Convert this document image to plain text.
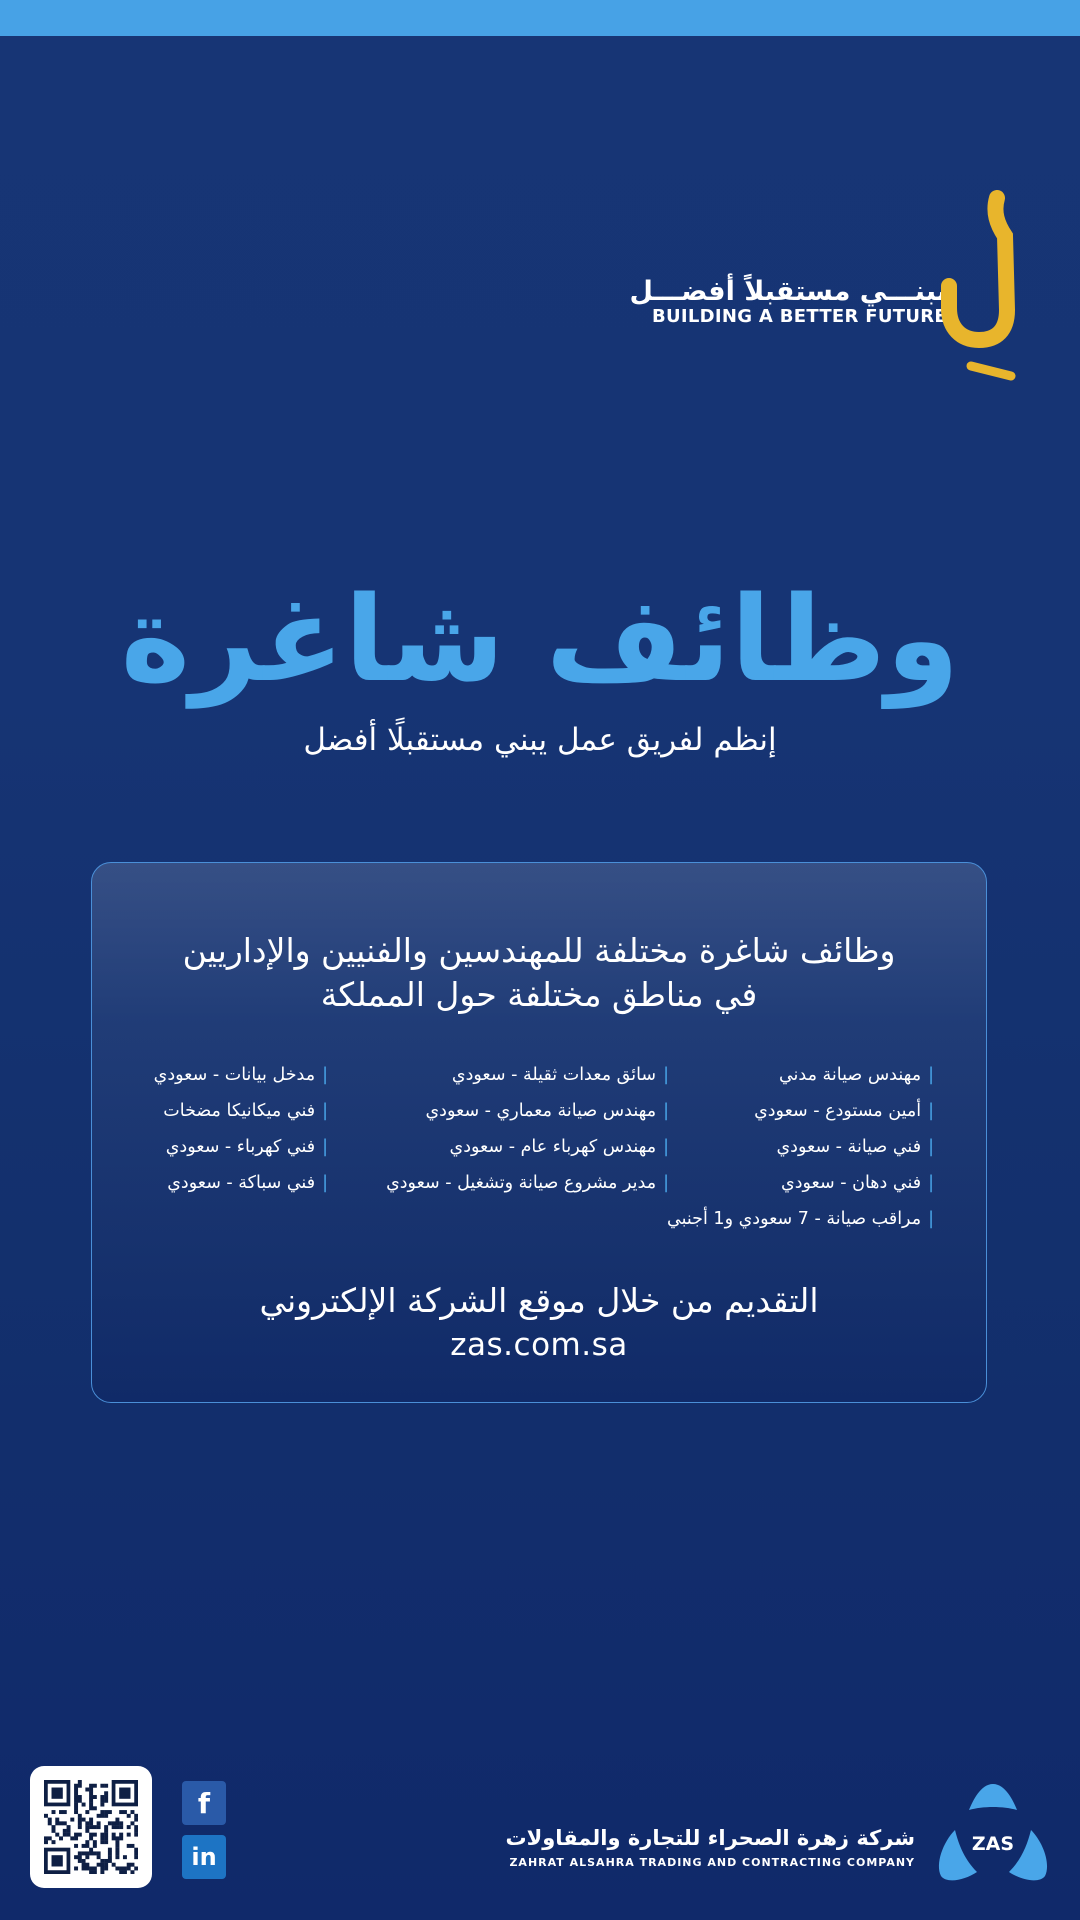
نبنـــي مستقبلاً أفضـــل
BUILDING A BETTER FUTURE
وظائف شاغرة
إنظم لفريق عمل يبني مستقبلًا أفضل
وظائف شاغرة مختلفة للمهندسين والفنيين والإداريين
في مناطق مختلفة حول المملكة
| مهندس صيانة مدني
| أمين مستودع - سعودي
| فني صيانة - سعودي
| فني دهان - سعودي
| مراقب صيانة - 7 سعودي و1 أجنبي
| سائق معدات ثقيلة - سعودي
| مهندس صيانة معماري - سعودي
| مهندس كهرباء عام - سعودي
| مدير مشروع صيانة وتشغيل - سعودي
| مدخل بيانات - سعودي
| فني ميكانيكا مضخات
| فني كهرباء - سعودي
| فني سباكة - سعودي
التقديم من خلال موقع الشركة الإلكتروني
zas.com.sa
f
in
شركة زهرة الصحراء للتجارة والمقاولات
ZAHRAT ALSAHRA TRADING AND CONTRACTING COMPANY
ZAS
